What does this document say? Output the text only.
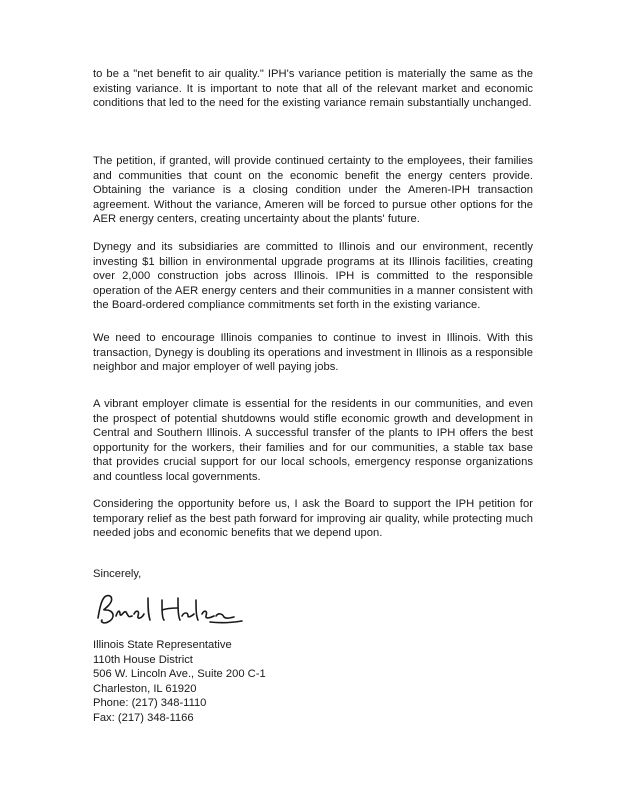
to be a "net benefit to air quality." IPH's variance petition is materially the same as the existing variance. It is important to note that all of the relevant market and economic conditions that led to the need for the existing variance remain substantially unchanged.

The petition, if granted, will provide continued certainty to the employees, their families and communities that count on the economic benefit the energy centers provide. Obtaining the variance is a closing condition under the Ameren-IPH transaction agreement. Without the variance, Ameren will be forced to pursue other options for the AER energy centers, creating uncertainty about the plants' future.

Dynegy and its subsidiaries are committed to Illinois and our environment, recently investing $1 billion in environmental upgrade programs at its Illinois facilities, creating over 2,000 construction jobs across Illinois. IPH is committed to the responsible operation of the AER energy centers and their communities in a manner consistent with the Board-ordered compliance commitments set forth in the existing variance.

We need to encourage Illinois companies to continue to invest in Illinois. With this transaction, Dynegy is doubling its operations and investment in Illinois as a responsible neighbor and major employer of well paying jobs.

A vibrant employer climate is essential for the residents in our communities, and even the prospect of potential shutdowns would stifle economic growth and development in Central and Southern Illinois. A successful transfer of the plants to IPH offers the best opportunity for the workers, their families and for our communities, a stable tax base that provides crucial support for our local schools, emergency response organizations and countless local governments.

Considering the opportunity before us, I ask the Board to support the IPH petition for temporary relief as the best path forward for improving air quality, while protecting much needed jobs and economic benefits that we depend upon.

Sincerely,
Illinois State Representative
110th House District
506 W. Lincoln Ave., Suite 200 C-1
Charleston, IL 61920
Phone: (217) 348-1110
Fax: (217) 348-1166
